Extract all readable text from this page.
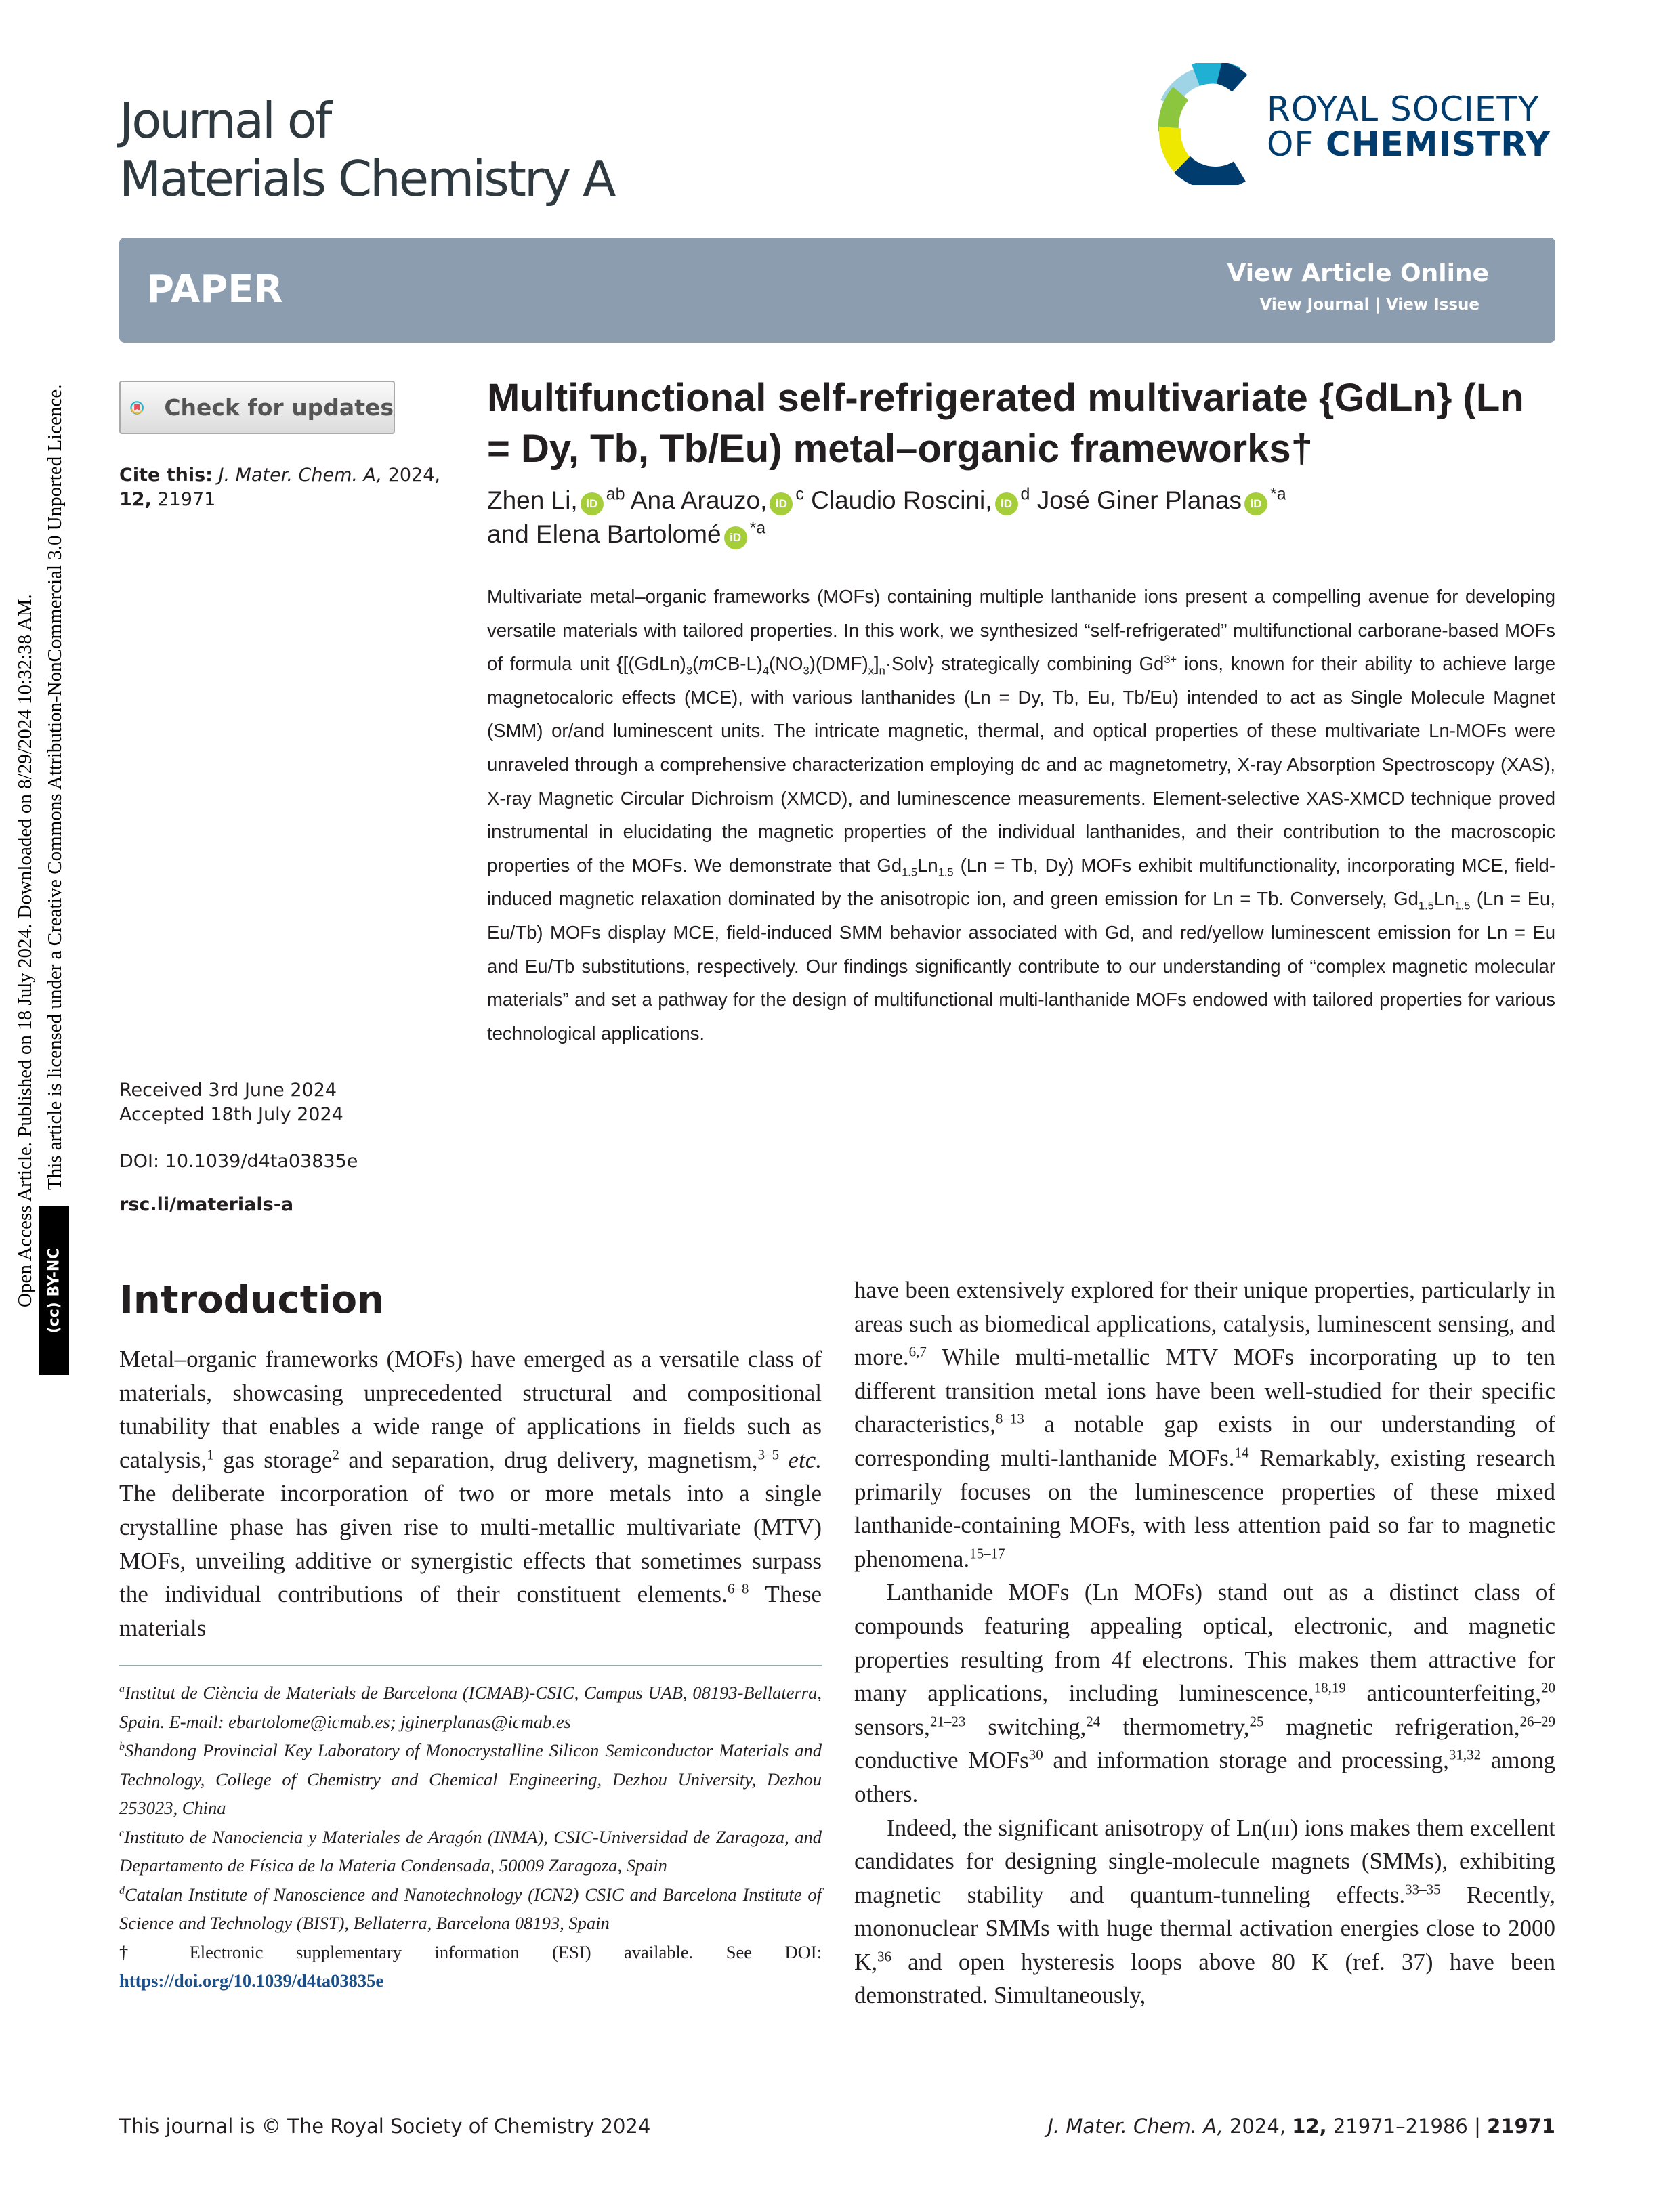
Open Access Article. Published on 18 July 2024. Downloaded on 8/29/2024 10:32:38 AM. This article is licensed under a Creative Commons Attribution-NonCommercial 3.0 Unported Licence.
(cc) BY-NC
Journal of
Materials Chemistry A
ROYAL SOCIETY
OF CHEMISTRY
PAPER	View Article Online
View Journal | View Issue
Check for updates
Cite this: J. Mater. Chem. A, 2024, 12, 21971
Received 3rd June 2024
Accepted 18th July 2024
DOI: 10.1039/d4ta03835e
rsc.li/materials-a
Multifunctional self-refrigerated multivariate {GdLn} (Ln = Dy, Tb, Tb/Eu) metal–organic frameworks†
Zhen Li, iD $^{ab}$ Ana Arauzo, iD $^c$ Claudio Roscini, iD $^d$ José Giner Planas iD $^{*a}$
and Elena Bartolomé iD $^{*a}$
Multivariate metal–organic frameworks (MOFs) containing multiple lanthanide ions present a compelling avenue for developing versatile materials with tailored properties. In this work, we synthesized “self-refrigerated” multifunctional carborane-based MOFs of formula unit $\{[(GdLn)_3(mCB-L)_4(NO_3)(DMF)_x]_n\cdot Solv\}$ strategically combining $Gd^{3+}$ ions, known for their ability to achieve large magnetocaloric effects (MCE), with various lanthanides (Ln = Dy, Tb, Eu, Tb/Eu) intended to act as Single Molecule Magnet (SMM) or/and luminescent units. The intricate magnetic, thermal, and optical properties of these multivariate Ln-MOFs were unraveled through a comprehensive characterization employing dc and ac magnetometry, X-ray Absorption Spectroscopy (XAS), X-ray Magnetic Circular Dichroism (XMCD), and luminescence measurements. Element-selective XAS-XMCD technique proved instrumental in elucidating the magnetic properties of the individual lanthanides, and their contribution to the macroscopic properties of the MOFs. We demonstrate that $Gd_{1.5}Ln_{1.5}$ (Ln = Tb, Dy) MOFs exhibit multifunctionality, incorporating MCE, field-induced magnetic relaxation dominated by the anisotropic ion, and green emission for Ln = Tb. Conversely, $Gd_{1.5}Ln_{1.5}$ (Ln = Eu, Eu/Tb) MOFs display MCE, field-induced SMM behavior associated with Gd, and red/yellow luminescent emission for Ln = Eu and Eu/Tb substitutions, respectively. Our findings significantly contribute to our understanding of “complex magnetic molecular materials” and set a pathway for the design of multifunctional multi-lanthanide MOFs endowed with tailored properties for various technological applications.
Introduction

Metal–organic frameworks (MOFs) have emerged as a versatile class of materials, showcasing unprecedented structural and compositional tunability that enables a wide range of applications in fields such as catalysis,$^1$ gas storage$^2$ and separation, drug delivery, magnetism,$^{3-5}$ etc. The deliberate incorporation of two or more metals into a single crystalline phase has given rise to multi-metallic multivariate (MTV) MOFs, unveiling additive or synergistic effects that sometimes surpass the individual contributions of their constituent elements.$^{6-8}$ These materials

$^a$Institut de Ciència de Materials de Barcelona (ICMAB)-CSIC, Campus UAB, 08193-Bellaterra, Spain. E-mail: ebartolome@icmab.es; jginerplanas@icmab.es

$^b$Shandong Provincial Key Laboratory of Monocrystalline Silicon Semiconductor Materials and Technology, College of Chemistry and Chemical Engineering, Dezhou University, Dezhou 253023, China

$^c$Instituto de Nanociencia y Materiales de Aragón (INMA), CSIC-Universidad de Zaragoza, and Departamento de Física de la Materia Condensada, 50009 Zaragoza, Spain

$^d$Catalan Institute of Nanoscience and Nanotechnology (ICN2) CSIC and Barcelona Institute of Science and Technology (BIST), Bellaterra, Barcelona 08193, Spain

† Electronic supplementary information (ESI) available. See DOI: https://doi.org/10.1039/d4ta03835e

have been extensively explored for their unique properties, particularly in areas such as biomedical applications, catalysis, luminescent sensing, and more.$^{6,7}$ While multi-metallic MTV MOFs incorporating up to ten different transition metal ions have been well-studied for their specific characteristics,$^{8-13}$ a notable gap exists in our understanding of corresponding multi-lanthanide MOFs.$^{14}$ Remarkably, existing research primarily focuses on the luminescence properties of these mixed lanthanide-containing MOFs, with less attention paid so far to magnetic phenomena.$^{15-17}$

Lanthanide MOFs (Ln MOFs) stand out as a distinct class of compounds featuring appealing optical, electronic, and magnetic properties resulting from 4f electrons. This makes them attractive for many applications, including luminescence,$^{18,19}$ anticounterfeiting,$^{20}$ sensors,$^{21-23}$ switching,$^{24}$ thermometry,$^{25}$ magnetic refrigeration,$^{26-29}$ conductive MOFs$^{30}$ and information storage and processing,$^{31,32}$ among others.

Indeed, the significant anisotropy of Ln(ɪɪɪ) ions makes them excellent candidates for designing single-molecule magnets (SMMs), exhibiting magnetic stability and quantum-tunneling effects.$^{33-35}$ Recently, mononuclear SMMs with huge thermal activation energies close to 2000 K,$^{36}$ and open hysteresis loops above 80 K (ref. 37) have been demonstrated. Simultaneously,

This journal is © The Royal Society of Chemistry 2024	J. Mater. Chem. A, 2024, 12, 21971–21986 | 21971
